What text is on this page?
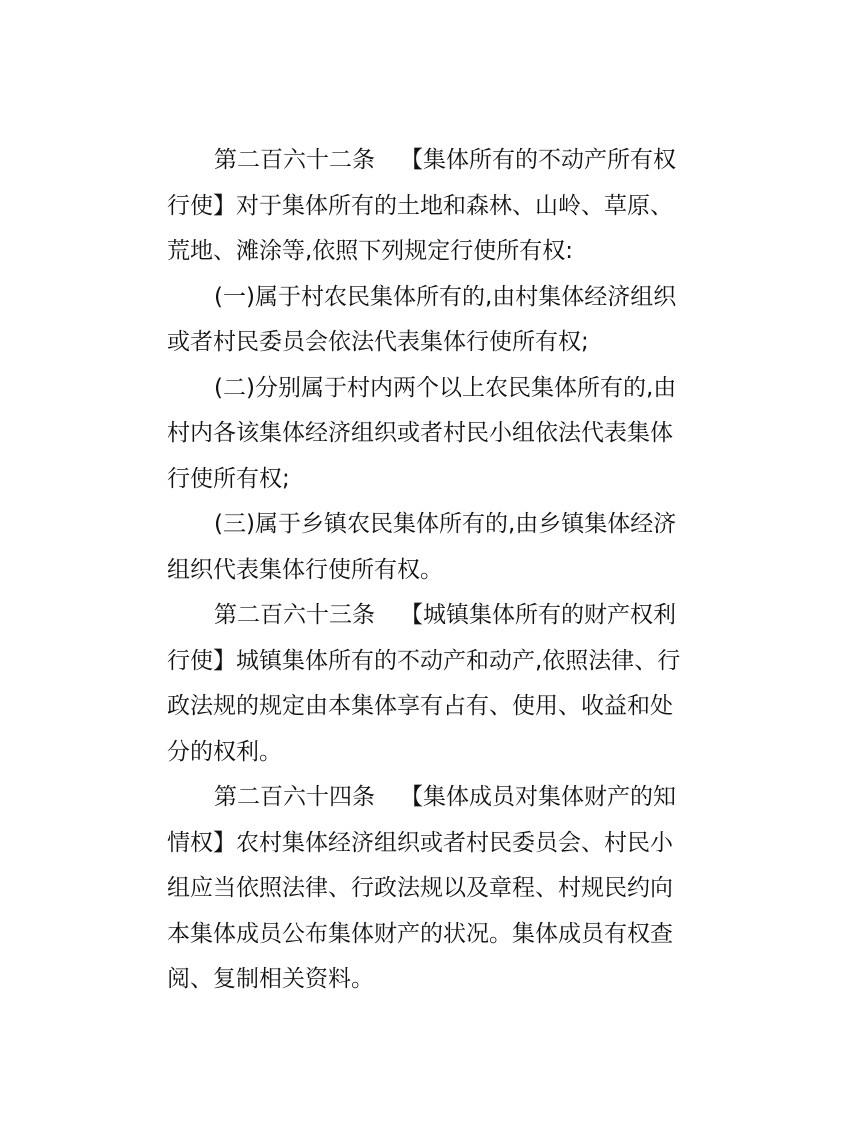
第二百六十二条 【集体所有的不动产所有权
行使】对于集体所有的土地和森林、山岭、草原、
荒地、滩涂等,依照下列规定行使所有权:
(一)属于村农民集体所有的,由村集体经济组织
或者村民委员会依法代表集体行使所有权;
(二)分别属于村内两个以上农民集体所有的,由
村内各该集体经济组织或者村民小组依法代表集体
行使所有权;
(三)属于乡镇农民集体所有的,由乡镇集体经济
组织代表集体行使所有权。
第二百六十三条 【城镇集体所有的财产权利
行使】城镇集体所有的不动产和动产,依照法律、行
政法规的规定由本集体享有占有、使用、收益和处
分的权利。
第二百六十四条 【集体成员对集体财产的知
情权】农村集体经济组织或者村民委员会、村民小
组应当依照法律、行政法规以及章程、村规民约向
本集体成员公布集体财产的状况。集体成员有权查
阅、复制相关资料。
